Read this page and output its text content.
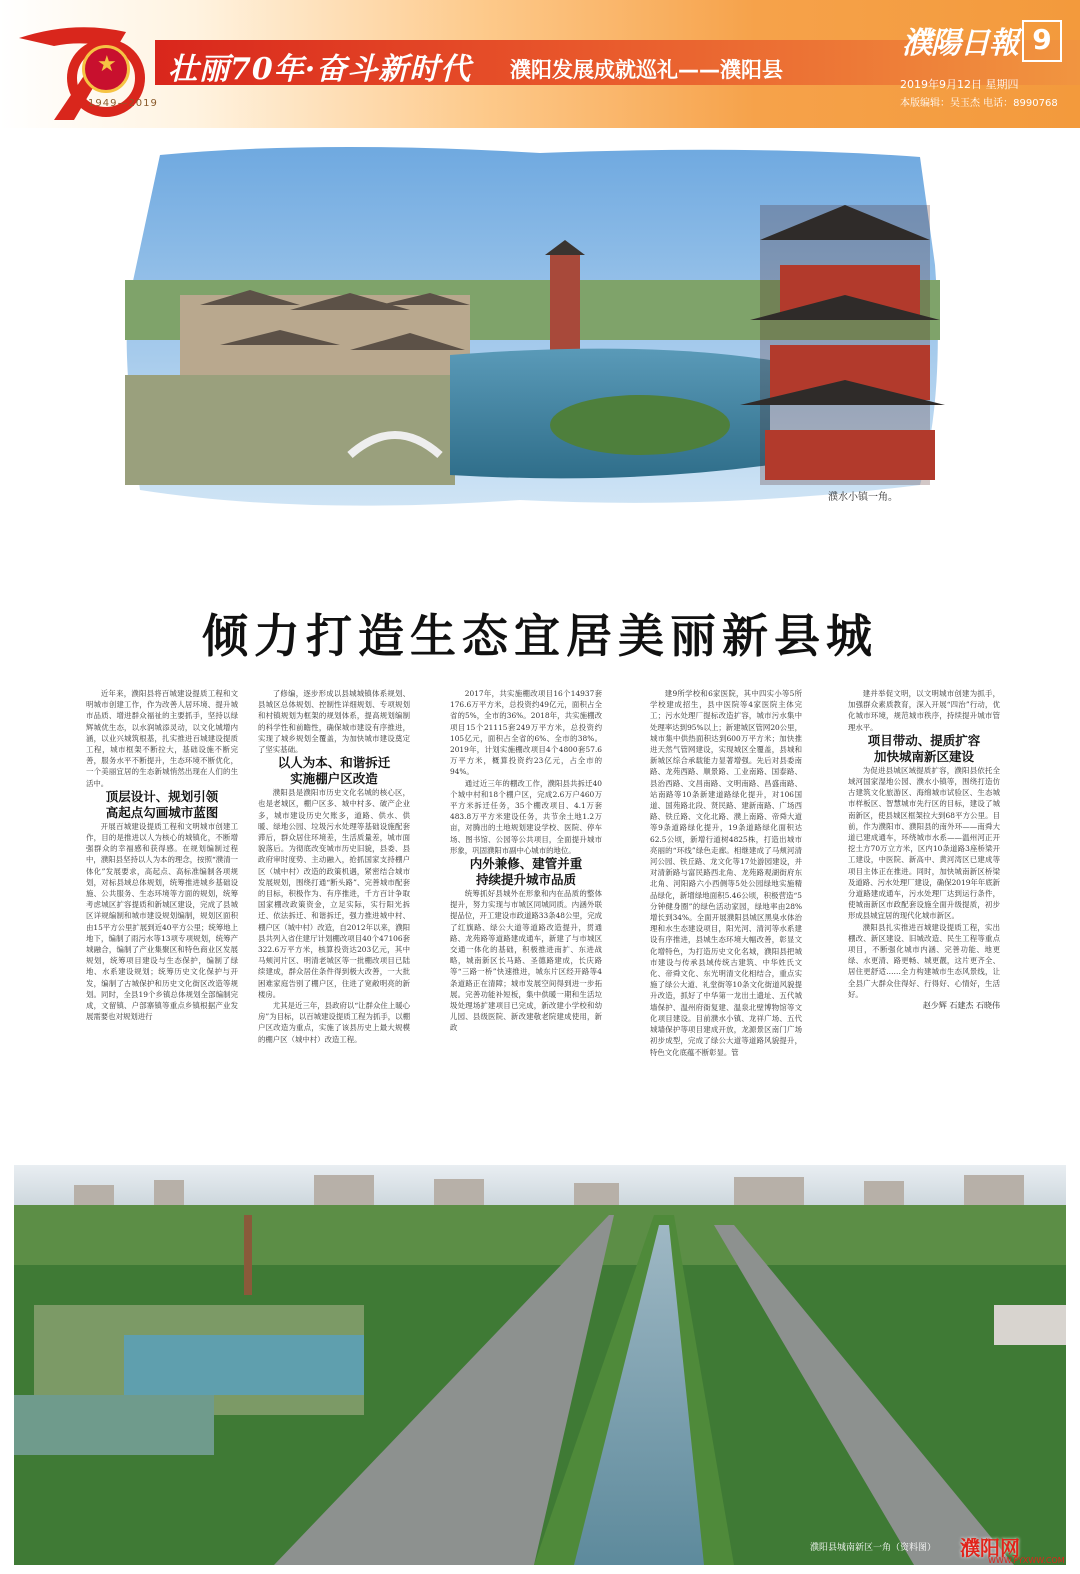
★
1949—2019
壮丽70年·奋斗新时代 濮阳发展成就巡礼——濮阳县
濮陽日報 9
2019年9月12日 星期四
本版编辑：吴玉杰 电话：8990768
濮水小镇一角。
倾力打造生态宜居美丽新县城

近年来，濮阳县将百城建设提质工程和文明城市创建工作，作为改善人居环境、提升城市品质、增进群众福祉的主要抓手，坚持以绿辉城优生态，以水润城添灵动，以文化城增内涵，以业兴城筑根基，扎实推进百城建设提质工程，城市框架不断拉大，基础设施不断完善，服务水平不断提升，生态环境不断优化，一个美丽宜居的生态新城悄然出现在人们的生活中。

顶层设计、规划引领
高起点勾画城市蓝图

开展百城建设提质工程和文明城市创建工作，目的是推进以人为核心的城镇化，不断增强群众的幸福感和获得感。在规划编制过程中，濮阳县坚持以人为本的理念，按照“濮清一体化”发展要求，高起点、高标准编制各项规划，对标县域总体规划，统筹推进城乡基础设施、公共服务、生态环境等方面的规划，统筹考虑城区扩容提质和新城区建设，完成了县城区详规编制和城市建设规划编制，规划区面积由15平方公里扩展到近40平方公里；统筹地上地下，编制了雨污水等13项专项规划，统筹产城融合，编制了产业集聚区和特色商业区发展规划，统筹项目建设与生态保护，编制了绿地、水系建设规划；统筹历史文化保护与开发，编制了古城保护和历史文化街区改造等规划。同时，全县19个乡镇总体规划全部编制完成，文留镇、户部寨镇等重点乡镇根据产业发展需要也对规划进行

了修编，逐步形成以县城城镇体系规划、县城区总体规划、控制性详细规划、专项规划和村镇规划为框架的规划体系，提高规划编制的科学性和前瞻性，确保城市建设有序推进，实现了城乡规划全覆盖，为加快城市建设奠定了坚实基础。

以人为本、和谐拆迁
实施棚户区改造

濮阳县是濮阳市历史文化名城的核心区，也是老城区，棚户区多、城中村多、破产企业多，城市建设历史欠账多，道路、供水、供暖、绿地公园、垃圾污水处理等基础设施配套滞后，群众居住环境差，生活质量差，城市面貌落后。为彻底改变城市历史旧貌，县委、县政府审时度势、主动融入，抢抓国家支持棚户区（城中村）改造的政策机遇，紧密结合城市发展规划，围绕打通“断头路”、完善城市配套的目标，积极作为、有序推进，千方百计争取国家棚改政策资金，立足实际，实行阳光拆迁、依法拆迁、和谐拆迁，强力推进城中村、棚户区（城中村）改造，自2012年以来，濮阳县共列入省住建厅计划棚改项目40个47106套322.6万平方米，核算投资达203亿元，其中马颊河片区、明清老城区等一批棚改项目已陆续建成，群众居住条件得到极大改善，一大批困难家庭告别了棚户区，住进了宽敞明亮的新楼房。

尤其是近三年，县政府以“让群众住上暖心房”为目标，以百城建设提质工程为抓手，以棚户区改造为重点，实施了该县历史上最大规模的棚户区（城中村）改造工程。

2017年，共实施棚改项目16个14937套176.6万平方米，总投资约49亿元，面积占全省的5%，全市的36%。2018年，共实施棚改项目15个21115套249万平方米，总投资约105亿元，面积占全省的6%、全市的38%。2019年，计划实施棚改项目4个4800套57.6万平方米，概算投资约23亿元，占全市的94%。

通过近三年的棚改工作，濮阳县共拆迁40个城中村和18个棚户区，完成2.6万户460万平方米拆迁任务，35个棚改项目、4.1万套483.8万平方米建设任务，共节余土地1.2万亩，对腾出的土地规划建设学校、医院、停车场、图书馆、公园等公共项目，全面提升城市形象，巩固濮阳市副中心城市的地位。

内外兼修、建管并重
持续提升城市品质

统筹抓好县城外在形象和内在品质的整体提升，努力实现与市城区同城同质。内涵外联提品位，开工建设市政道路33条48公里，完成了红旗路、绿公大道等道路改造提升，贯通路、龙苑路等道路建成通车，新建了与市城区交通一体化的基础，积极推进南扩、东进战略，城南新区长马路、圣德路建成，长庆路等“三路一桥”快速推进，城东片区经开路等4条道路正在清障；城市发展空间得到进一步拓展。完善功能补短板，集中供暖一期和生活垃圾处理场扩建项目已完成，新改建小学校和幼儿园、县级医院、新改建敬老院建成使用，新政

建9所学校和6家医院，其中四实小等5所学校建成招生，县中医院等4家医院主体完工；污水处理厂提标改造扩容，城市污水集中处理率达到95%以上；新建城区管网20公里，城市集中供热面积达到600万平方米；加快推进天然气管网建设，实现城区全覆盖，县城和新城区综合承载能力显著增强。先后对县委南路、龙苑西路、顺景路、工业南路、国泰路、县治西路、文昌南路、文明南路、昌盛南路、站南路等10条新建道路绿化提升，对106国道、国苑路北段、贤民路、建新南路、广场西路、铁丘路、文化北路、濮上南路、帝舜大道等9条道路绿化提升，19条道路绿化面积达62.5公顷，新增行道树4825株，打造出城市亮丽的“环线”绿色走廊。相继建成了马颊河清河公园、铁丘路、龙文化等17处游园建设，并对清新路与富民路西北角、龙苑路观湖街府东北角、河阳路六小西侧等5处公园绿地实施精品绿化，新增绿地面积5.46公顷，积极营造“5分钟健身圈”的绿色活动家园，绿地率由28%增长到34%。全面开展濮阳县城区黑臭水体治理和水生态建设项目，阳光河、清河等水系建设有序推进，县城生态环境大幅改善，彰显文化增特色，为打造历史文化名城，濮阳县把城市建设与传承县域传统古建筑、中华姓氏文化、帝舜文化、东光明清文化相结合，重点实施了绿公大道、礼堂街等10条文化街道风貌提升改造，抓好了中华第一龙出土遗址、五代城墙保护、温州府衙复建、温泉北壁博物馆等文化项目建设。目前濮水小镇、龙祥广场、五代城墙保护等项目建成开放，龙源景区南门广场初步成型，完成了绿公大道等道路风貌提升，特色文化底蕴不断彰显。管

建并举促文明，以文明城市创建为抓手，加强群众素质教育，深入开展“四治”行动，优化城市环境，规范城市秩序，持续提升城市管理水平。

项目带动、提质扩容
加快城南新区建设

为促进县城区域提质扩容，濮阳县依托全域河国家湿地公园、濮水小镇等，围绕打造仿古建筑文化旅游区、海绵城市试验区、生态城市样板区、智慧城市先行区的目标，建设了城南新区，使县城区框架拉大到68平方公里。目前，作为濮阳市、濮阳县的南外环——南舜大道已建成通车，环绕城市水系——温州河正开挖土方70万立方米，区内10条道路3座桥梁开工建设，中医院、新高中、黄河湾区已建成等项目主体正在推进。同时，加快城南新区桥梁及道路、污水处理厂建设，确保2019年年底新分道路建成通车，污水处理厂达到运行条件，使城南新区市政配套设施全面升级提质，初步形成县城宜居的现代化城市新区。

濮阳县扎实推进百城建设提质工程，实出棚改、新区建设、旧城改造、民生工程等重点项目，不断强化城市内涵、完善功能、地更绿、水更清、路更畅、城更靓，这片更齐全、居住更舒适……全力构建城市生态风景线，让全县广大群众住得好、行得好、心情好，生活好。

赵少辉 石建杰 石晓伟

濮阳县城南新区一角（资料图） 濮阳网
WWW.PYXWW.COM
